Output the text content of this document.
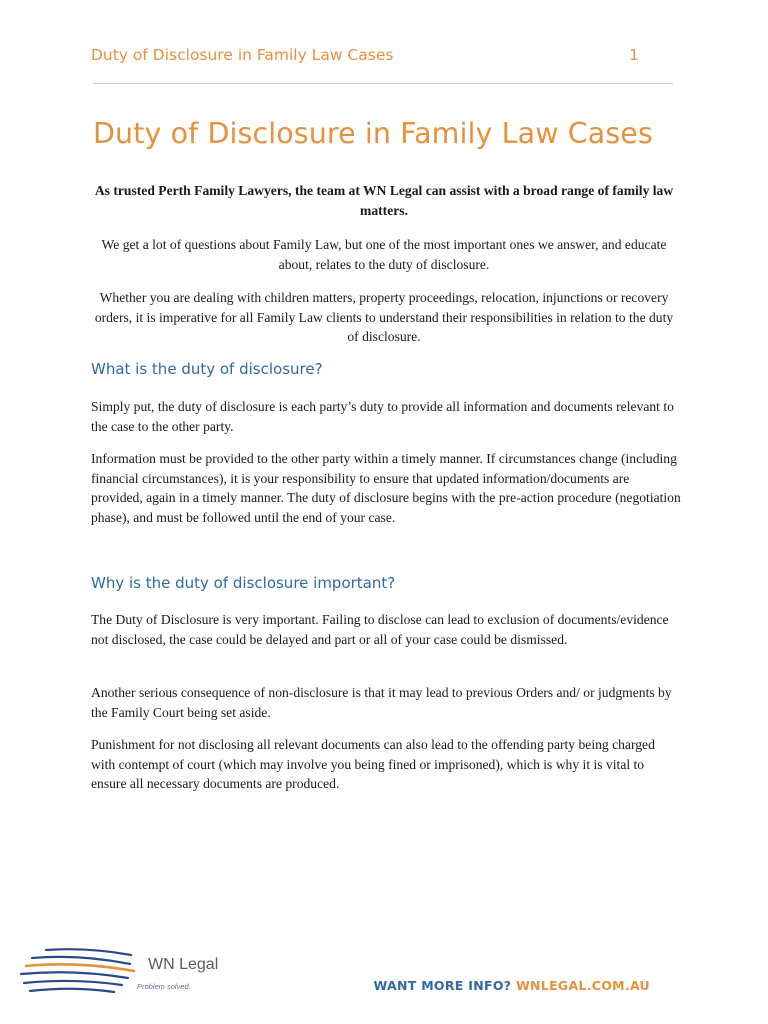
Duty of Disclosure in Family Law Cases	1
Duty of Disclosure in Family Law Cases

As trusted Perth Family Lawyers, the team at WN Legal can assist with a broad range of family law matters.

We get a lot of questions about Family Law, but one of the most important ones we answer, and educate about, relates to the duty of disclosure.

Whether you are dealing with children matters, property proceedings, relocation, injunctions or recovery orders, it is imperative for all Family Law clients to understand their responsibilities in relation to the duty of disclosure.

What is the duty of disclosure?

Simply put, the duty of disclosure is each party’s duty to provide all information and documents relevant to the case to the other party.

Information must be provided to the other party within a timely manner. If circumstances change (including financial circumstances), it is your responsibility to ensure that updated information/documents are provided, again in a timely manner. The duty of disclosure begins with the pre-action procedure (negotiation phase), and must be followed until the end of your case.

Why is the duty of disclosure important?

The Duty of Disclosure is very important. Failing to disclose can lead to exclusion of documents/evidence not disclosed, the case could be delayed and part or all of your case could be dismissed.

Another serious consequence of non-disclosure is that it may lead to previous Orders and/ or judgments by the Family Court being set aside.

Punishment for not disclosing all relevant documents can also lead to the offending party being charged with contempt of court (which may involve you being fined or imprisoned), which is why it is vital to ensure all necessary documents are produced.

WN Legal
Problem solved.	WANT MORE INFO? WNLEGAL.COM.AU
